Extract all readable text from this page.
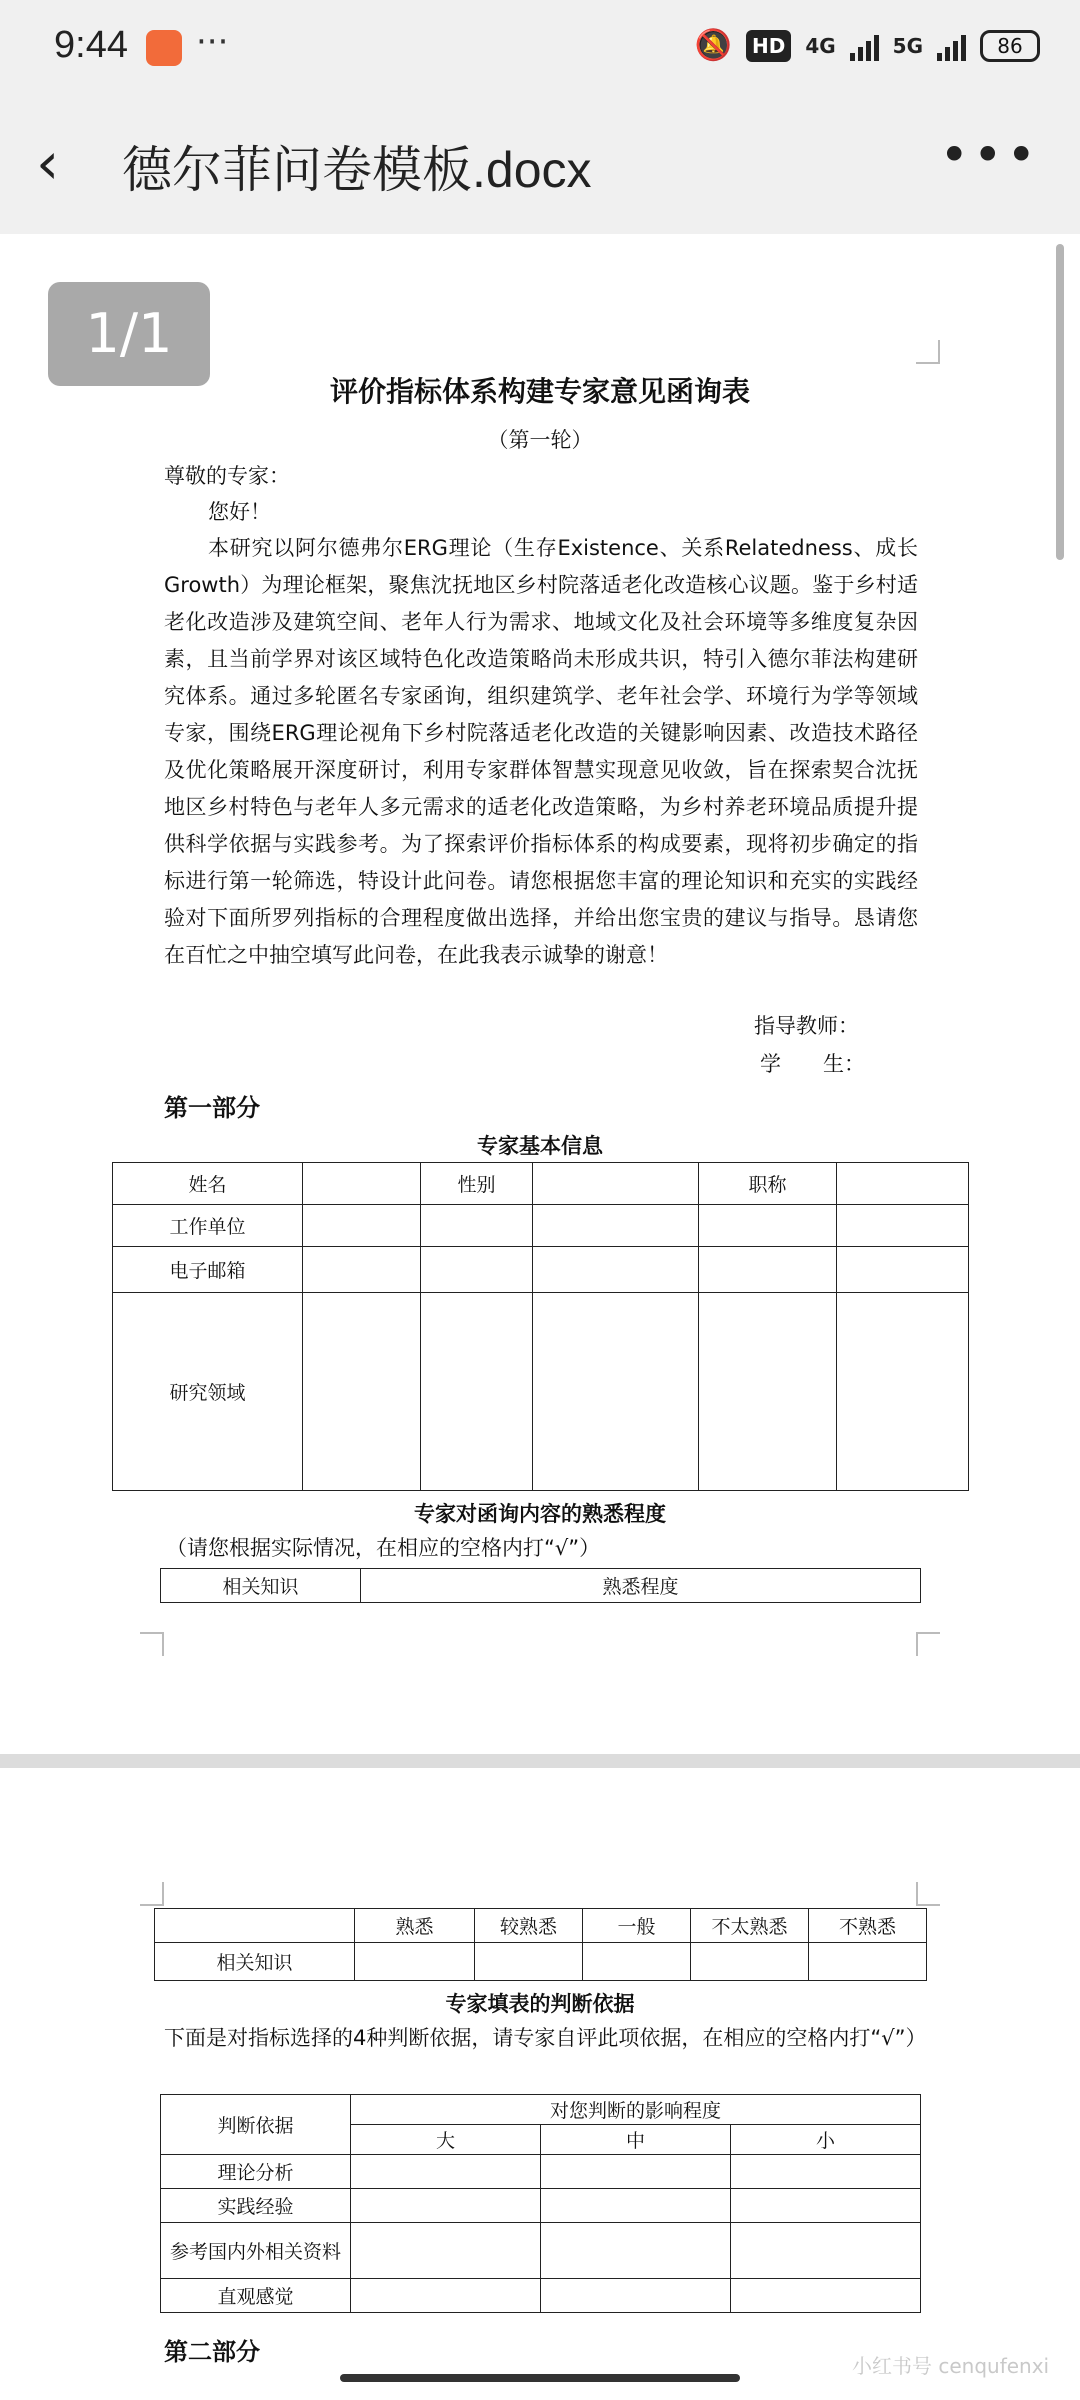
9:44 ···	🔕	HD	4G	5G	86
‹	德尔菲问卷模板.docx	•••
1/1
评价指标体系构建专家意见函询表
（第一轮）
尊敬的专家：
您好！
本研究以阿尔德弗尔ERG理论（生存Existence、关系Relatedness、成长Growth）为理论框架，聚焦沈抚地区乡村院落适老化改造核心议题。鉴于乡村适老化改造涉及建筑空间、老年人行为需求、地域文化及社会环境等多维度复杂因素，且当前学界对该区域特色化改造策略尚未形成共识，特引入德尔菲法构建研究体系。通过多轮匿名专家函询，组织建筑学、老年社会学、环境行为学等领域专家，围绕ERG理论视角下乡村院落适老化改造的关键影响因素、改造技术路径及优化策略展开深度研讨，利用专家群体智慧实现意见收敛，旨在探索契合沈抚地区乡村特色与老年人多元需求的适老化改造策略，为乡村养老环境品质提升提供科学依据与实践参考。为了探索评价指标体系的构成要素，现将初步确定的指标进行第一轮筛选，特设计此问卷。请您根据您丰富的理论知识和充实的实践经验对下面所罗列指标的合理程度做出选择，并给出您宝贵的建议与指导。恳请您在百忙之中抽空填写此问卷，在此我表示诚挚的谢意！
指导教师：
学　　生：
第一部分
专家基本信息
姓名		性别		职称	
工作单位					
电子邮箱					
研究领域					
专家对函询内容的熟悉程度
（请您根据实际情况，在相应的空格内打“√”）
相关知识	熟悉程度
	熟悉	较熟悉	一般	不太熟悉	不熟悉
相关知识					
专家填表的判断依据
下面是对指标选择的4种判断依据，请专家自评此项依据，在相应的空格内打“√”）
判断依据	对您判断的影响程度		
	大	中	小
理论分析			
实践经验			
参考国内外相关资料			
直观感觉			
第二部分	小红书号 cenqufenxi
